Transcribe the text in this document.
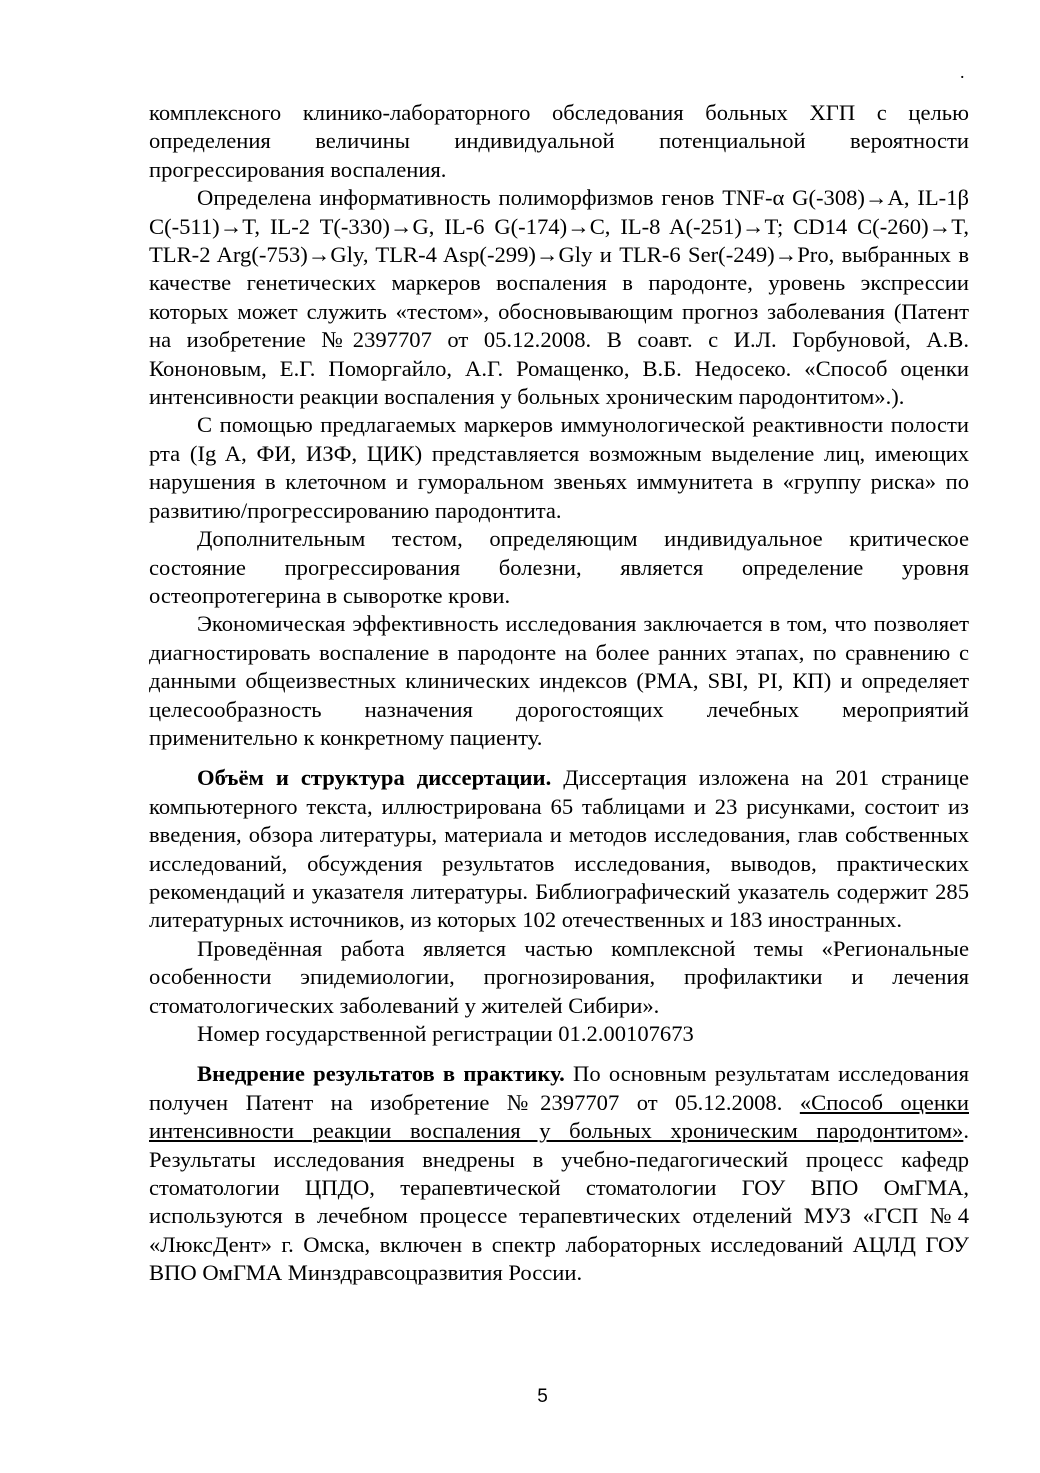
.

комплексного клинико-лабораторного обследования больных ХГП с целью определения величины индивидуальной потенциальной вероятности прогрессирования воспаления.

Определена информативность полиморфизмов генов TNF-α G(-308)→A, IL-1β C(-511)→T, IL-2 T(-330)→G, IL-6 G(-174)→C, IL-8 A(-251)→T; CD14 C(-260)→T, TLR-2 Arg(-753)→Gly, TLR-4 Asp(-299)→Gly и TLR-6 Ser(-249)→Pro, выбранных в качестве генетических маркеров воспаления в пародонте, уровень экспрессии которых может служить «тестом», обосновывающим прогноз заболевания (Патент на изобретение №2397707 от 05.12.2008. В соавт. с И.Л. Горбуновой, А.В. Кононовым, Е.Г. Поморгайло, А.Г. Ромащенко, В.Б. Недосеко. «Способ оценки интенсивности реакции воспаления у больных хроническим пародонтитом».).

С помощью предлагаемых маркеров иммунологической реактивности полости рта (Ig A, ФИ, ИЗФ, ЦИК) представляется возможным выделение лиц, имеющих нарушения в клеточном и гуморальном звеньях иммунитета в «группу риска» по развитию/прогрессированию пародонтита.

Дополнительным тестом, определяющим индивидуальное критическое состояние прогрессирования болезни, является определение уровня остеопротегерина в сыворотке крови.

Экономическая эффективность исследования заключается в том, что позволяет диагностировать воспаление в пародонте на более ранних этапах, по сравнению с данными общеизвестных клинических индексов (PMA, SBI, PI, КП) и определяет целесообразность назначения дорогостоящих лечебных мероприятий применительно к конкретному пациенту.

Объём и структура диссертации. Диссертация изложена на 201 странице компьютерного текста, иллюстрирована 65 таблицами и 23 рисунками, состоит из введения, обзора литературы, материала и методов исследования, глав собственных исследований, обсуждения результатов исследования, выводов, практических рекомендаций и указателя литературы. Библиографический указатель содержит 285 литературных источников, из которых 102 отечественных и 183 иностранных.

Проведённая работа является частью комплексной темы «Региональные особенности эпидемиологии, прогнозирования, профилактики и лечения стоматологических заболеваний у жителей Сибири».

Номер государственной регистрации 01.2.00107673

Внедрение результатов в практику. По основным результатам исследования получен Патент на изобретение №2397707 от 05.12.2008. «Способ оценки интенсивности реакции воспаления у больных хроническим пародонтитом». Результаты исследования внедрены в учебно-педагогический процесс кафедр стоматологии ЦПДО, терапевтической стоматологии ГОУ ВПО ОмГМА, используются в лечебном процессе терапевтических отделений МУЗ «ГСП №4 «ЛюксДент» г. Омска, включен в спектр лабораторных исследований АЦЛД ГОУ ВПО ОмГМА Минздравсоцразвития России.

5
